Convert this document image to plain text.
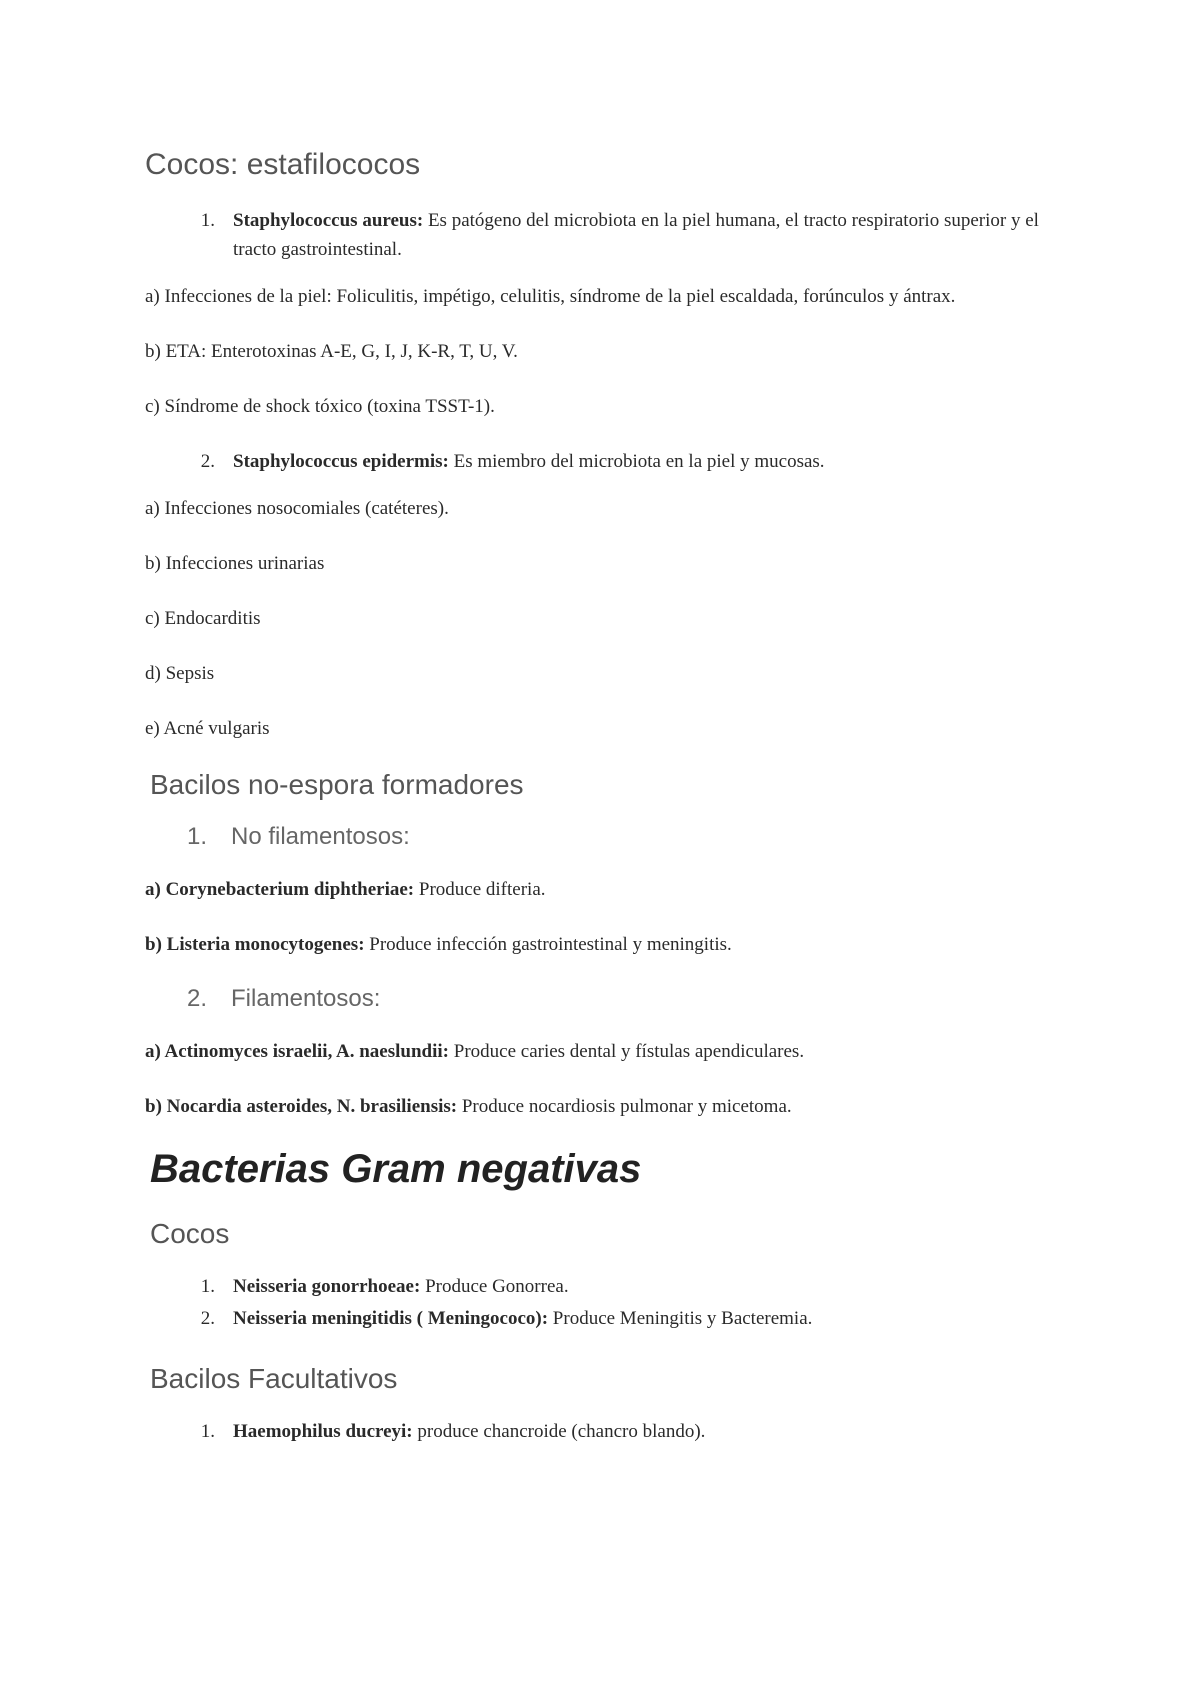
Cocos: estafilococos
1. Staphylococcus aureus: Es patógeno del microbiota en la piel humana, el tracto respiratorio superior y el tracto gastrointestinal.

a) Infecciones de la piel: Foliculitis, impétigo, celulitis, síndrome de la piel escaldada, forúnculos y ántrax.

b) ETA: Enterotoxinas A-E, G, I, J, K-R, T, U, V.

c) Síndrome de shock tóxico (toxina TSST-1).

2. Staphylococcus epidermis: Es miembro del microbiota en la piel y mucosas.

a) Infecciones nosocomiales (catéteres).

b) Infecciones urinarias

c) Endocarditis

d) Sepsis

e) Acné vulgaris

Bacilos no-espora formadores
1.	No filamentosos:

a) Corynebacterium diphtheriae: Produce difteria.

b) Listeria monocytogenes: Produce infección gastrointestinal y meningitis.

2.	Filamentosos:

a) Actinomyces israelii, A. naeslundii: Produce caries dental y fístulas apendiculares.

b) Nocardia asteroides, N. brasiliensis: Produce nocardiosis pulmonar y micetoma.

Bacterias Gram negativas
Cocos
1. Neisseria gonorrhoeae: Produce Gonorrea.
2. Neisseria meningitidis ( Meningococo): Produce Meningitis y Bacteremia.
Bacilos Facultativos
1. Haemophilus ducreyi: produce chancroide (chancro blando).
